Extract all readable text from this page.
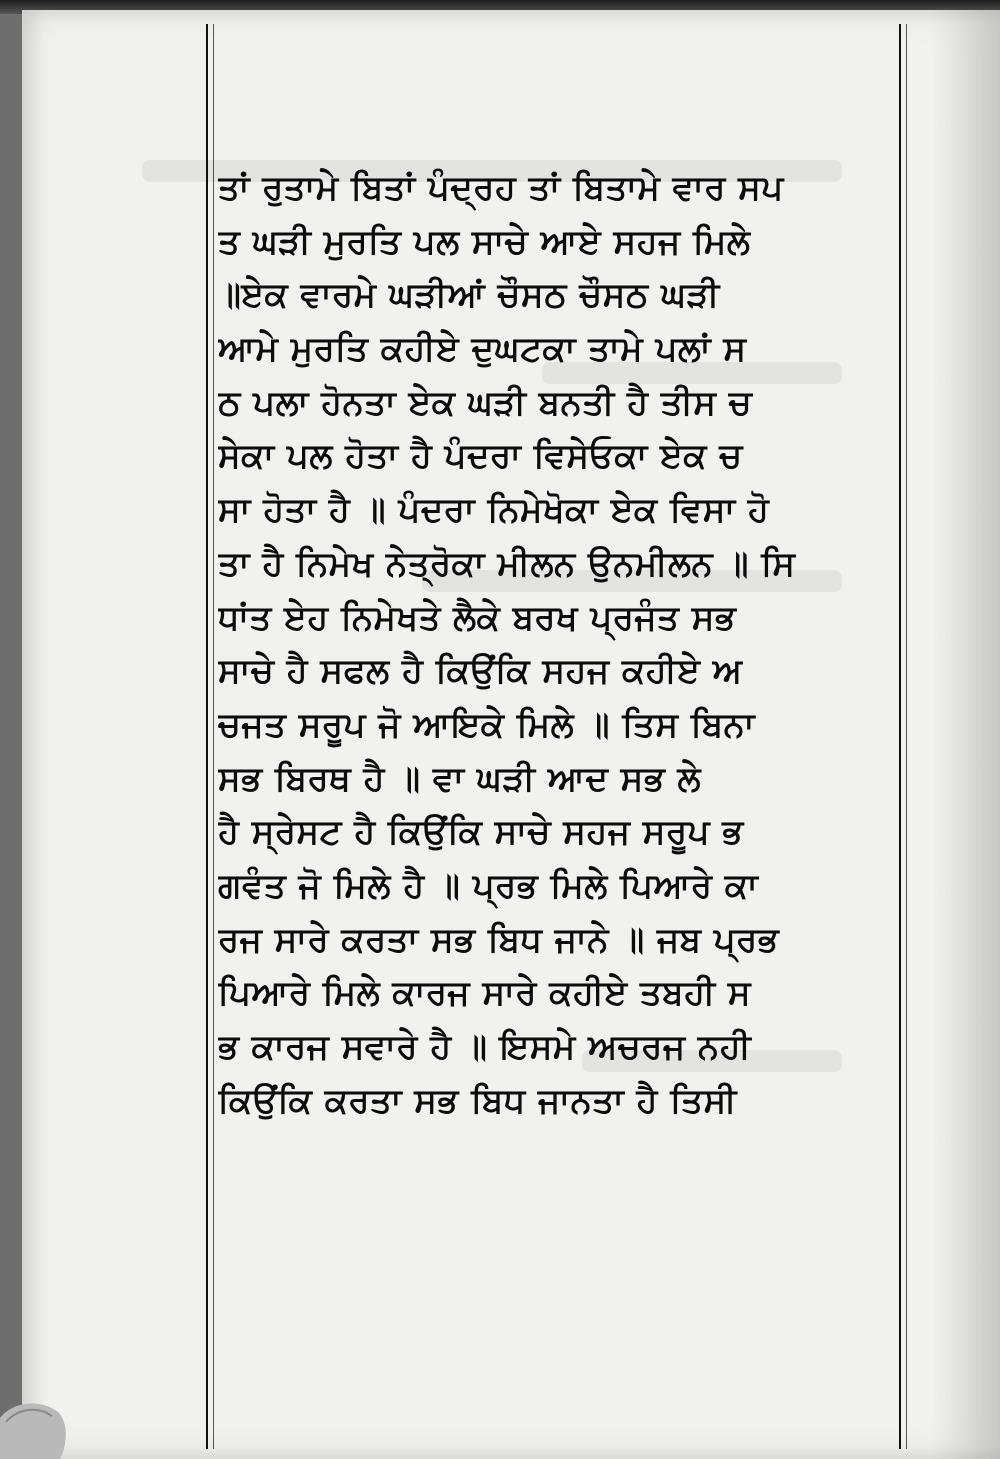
ਤਾਂ ਰੁਤਾਮੇ ਬਿਤਾਂ ਪੰਦ੍ਰਹ ਤਾਂ ਬਿਤਾਮੇ ਵਾਰ ਸਪ
ਤ ਘੜੀ ਮੁਰਤਿ ਪਲ ਸਾਚੇ ਆਏ ਸਹਜ ਮਿਲੇ
॥ਏਕ ਵਾਰਮੇ ਘੜੀਆਂ ਚੌਸਠ ਚੌਸਠ ਘੜੀ
ਆਮੇ ਮੁਰਤਿ ਕਹੀਏ ਦੁਘਟਕਾ ਤਾਮੇ ਪਲਾਂ ਸ
ਠ ਪਲਾ ਹੋਨਤਾ ਏਕ ਘੜੀ ਬਨਤੀ ਹੈ ਤੀਸ ਚ
ਸੇਕਾ ਪਲ ਹੋਤਾ ਹੈ ਪੰਦਰਾ ਵਿਸੇਓਕਾ ਏਕ ਚ
ਸਾ ਹੋਤਾ ਹੈ ॥ ਪੰਦਰਾ ਨਿਮੇਖੋਕਾ ਏਕ ਵਿਸਾ ਹੋ
ਤਾ ਹੈ ਨਿਮੇਖ ਨੇਤ੍ਰੋਕਾ ਮੀਲਨ ਉਨਮੀਲਨ ॥ ਸਿ
ਧਾਂਤ ਏਹ ਨਿਮੇਖਤੇ ਲੈਕੇ ਬਰਖ ਪ੍ਰਜੰਤ ਸਭ
ਸਾਚੇ ਹੈ ਸਫਲ ਹੈ ਕਿਉਂਕਿ ਸਹਜ ਕਹੀਏ ਅ
ਚਜਤ ਸਰੂਪ ਜੋ ਆਇਕੇ ਮਿਲੇ ॥ ਤਿਸ ਬਿਨਾ
ਸਭ ਬਿਰਥ ਹੈ ॥ ਵਾ ਘੜੀ ਆਦ ਸਭ ਲੇ
ਹੈ ਸ੍ਰੇਸਟ ਹੈ ਕਿਉਂਕਿ ਸਾਚੇ ਸਹਜ ਸਰੂਪ ਭ
ਗਵੰਤ ਜੋ ਮਿਲੇ ਹੈ ॥ ਪ੍ਰਭ ਮਿਲੇ ਪਿਆਰੇ ਕਾ
ਰਜ ਸਾਰੇ ਕਰਤਾ ਸਭ ਬਿਧ ਜਾਨੇ ॥ ਜਬ ਪ੍ਰਭ
ਪਿਆਰੇ ਮਿਲੇ ਕਾਰਜ ਸਾਰੇ ਕਹੀਏ ਤਬਹੀ ਸ
ਭ ਕਾਰਜ ਸਵਾਰੇ ਹੈ ॥ ਇਸਮੇ ਅਚਰਜ ਨਹੀ
ਕਿਉਂਕਿ ਕਰਤਾ ਸਭ ਬਿਧ ਜਾਨਤਾ ਹੈ ਤਿਸੀ
